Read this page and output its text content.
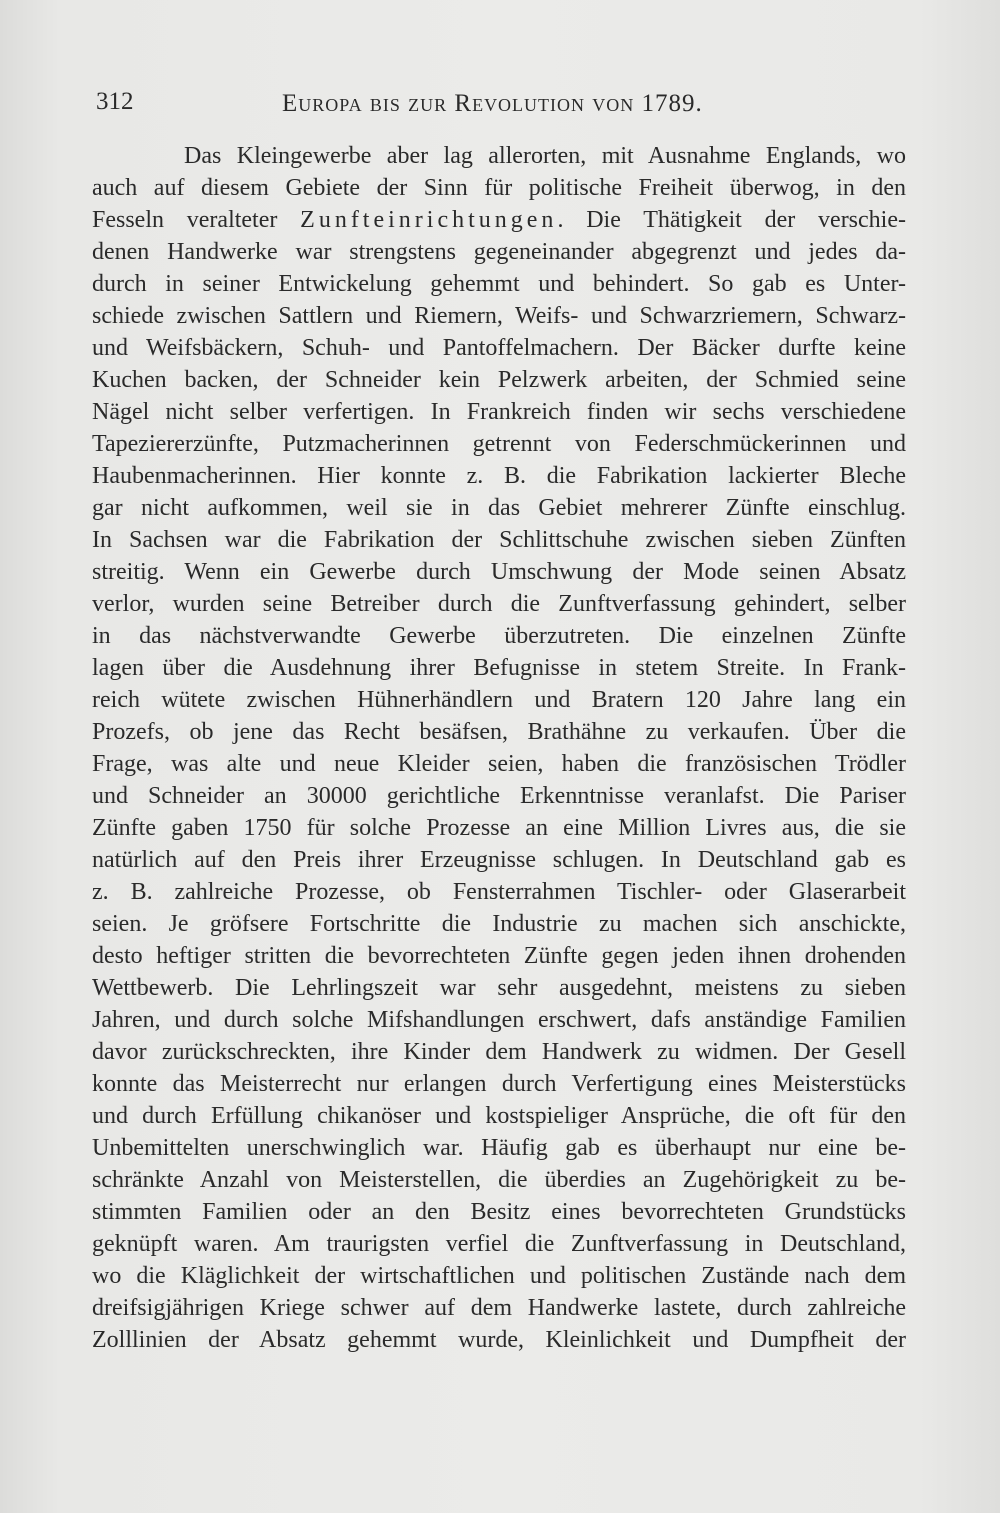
312	Europa bis zur Revolution von 1789.
Das Kleingewerbe aber lag allerorten, mit Ausnahme Englands, wo
auch auf diesem Gebiete der Sinn für politische Freiheit überwog, in den
Fesseln veralteter Zunfteinrichtungen. Die Thätigkeit der verschie-
denen Handwerke war strengstens gegeneinander abgegrenzt und jedes da-
durch in seiner Entwickelung gehemmt und behindert. So gab es Unter-
schiede zwischen Sattlern und Riemern, Weifs- und Schwarzriemern, Schwarz-
und Weifsbäckern, Schuh- und Pantoffelmachern. Der Bäcker durfte keine
Kuchen backen, der Schneider kein Pelzwerk arbeiten, der Schmied seine
Nägel nicht selber verfertigen. In Frankreich finden wir sechs verschiedene
Tapeziererzünfte, Putzmacherinnen getrennt von Federschmückerinnen und
Haubenmacherinnen. Hier konnte z. B. die Fabrikation lackierter Bleche
gar nicht aufkommen, weil sie in das Gebiet mehrerer Zünfte einschlug.
In Sachsen war die Fabrikation der Schlittschuhe zwischen sieben Zünften
streitig. Wenn ein Gewerbe durch Umschwung der Mode seinen Absatz
verlor, wurden seine Betreiber durch die Zunftverfassung gehindert, selber
in das nächstverwandte Gewerbe überzutreten. Die einzelnen Zünfte
lagen über die Ausdehnung ihrer Befugnisse in stetem Streite. In Frank-
reich wütete zwischen Hühnerhändlern und Bratern 120 Jahre lang ein
Prozefs, ob jene das Recht besäfsen, Brathähne zu verkaufen. Über die
Frage, was alte und neue Kleider seien, haben die französischen Trödler
und Schneider an 30000 gerichtliche Erkenntnisse veranlafst. Die Pariser
Zünfte gaben 1750 für solche Prozesse an eine Million Livres aus, die sie
natürlich auf den Preis ihrer Erzeugnisse schlugen. In Deutschland gab es
z. B. zahlreiche Prozesse, ob Fensterrahmen Tischler- oder Glaserarbeit
seien. Je gröfsere Fortschritte die Industrie zu machen sich anschickte,
desto heftiger stritten die bevorrechteten Zünfte gegen jeden ihnen drohenden
Wettbewerb. Die Lehrlingszeit war sehr ausgedehnt, meistens zu sieben
Jahren, und durch solche Mifshandlungen erschwert, dafs anständige Familien
davor zurückschreckten, ihre Kinder dem Handwerk zu widmen. Der Gesell
konnte das Meisterrecht nur erlangen durch Verfertigung eines Meisterstücks
und durch Erfüllung chikanöser und kostspieliger Ansprüche, die oft für den
Unbemittelten unerschwinglich war. Häufig gab es überhaupt nur eine be-
schränkte Anzahl von Meisterstellen, die überdies an Zugehörigkeit zu be-
stimmten Familien oder an den Besitz eines bevorrechteten Grundstücks
geknüpft waren. Am traurigsten verfiel die Zunftverfassung in Deutschland,
wo die Kläglichkeit der wirtschaftlichen und politischen Zustände nach dem
dreifsigjährigen Kriege schwer auf dem Handwerke lastete, durch zahlreiche
Zolllinien der Absatz gehemmt wurde, Kleinlichkeit und Dumpfheit der
